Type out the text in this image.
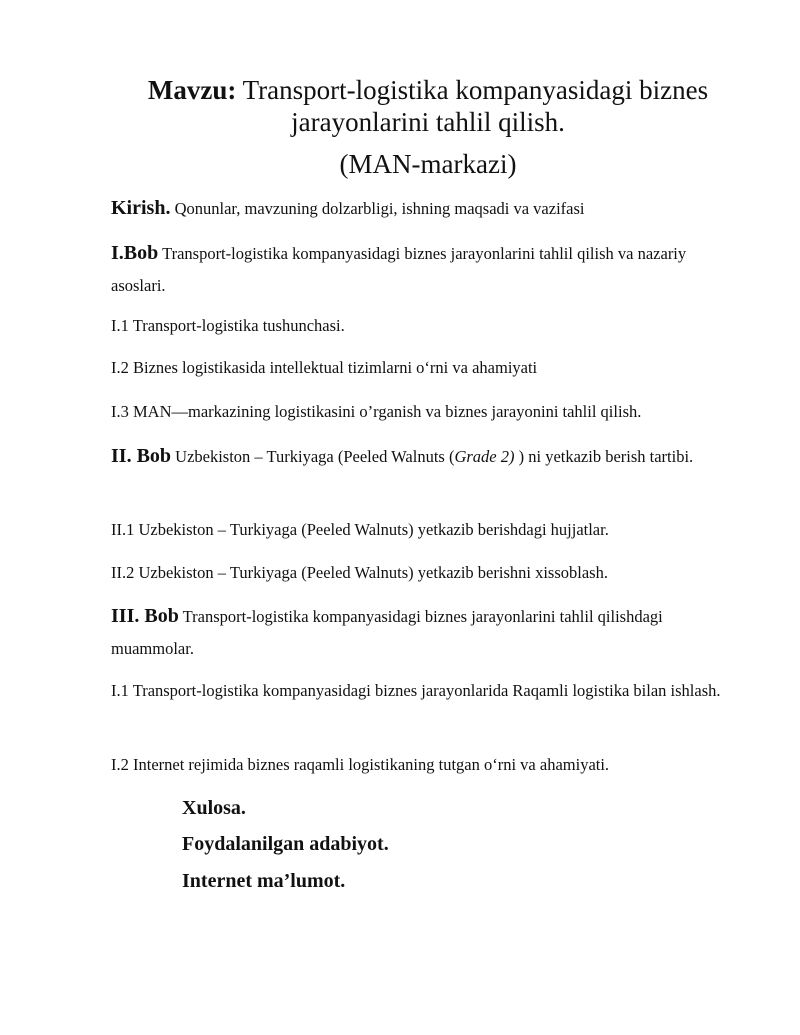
Mavzu: Transport-logistika kompanyasidagi biznes
jarayonlarini tahlil qilish.
(MAN-markazi)
Kirish. Qonunlar, mavzuning dolzarbligi, ishning maqsadi va vazifasi
I.Bob Transport-logistika kompanyasidagi biznes jarayonlarini tahlil qilish va nazariy asoslari.
I.1 Transport-logistika tushunchasi.
I.2 Biznes logistikasida intellektual tizimlarni oʻrni va ahamiyati
I.3 MAN—markazining logistikasini o’rganish va biznes jarayonini tahlil qilish.
II. Bob Uzbekiston – Turkiyaga (Peeled Walnuts (Grade 2) ) ni yetkazib berish tartibi.
II.1 Uzbekiston – Turkiyaga (Peeled Walnuts) yetkazib berishdagi hujjatlar.
II.2 Uzbekiston – Turkiyaga (Peeled Walnuts) yetkazib berishni xissoblash.
III. Bob Transport-logistika kompanyasidagi biznes jarayonlarini tahlil qilishdagi muammolar.
I.1 Transport-logistika kompanyasidagi biznes jarayonlarida Raqamli logistika bilan ishlash.
I.2 Internet rejimida biznes raqamli logistikaning tutgan oʻrni va ahamiyati.
Xulosa.
Foydalanilgan adabiyot.
Internet ma’lumot.
